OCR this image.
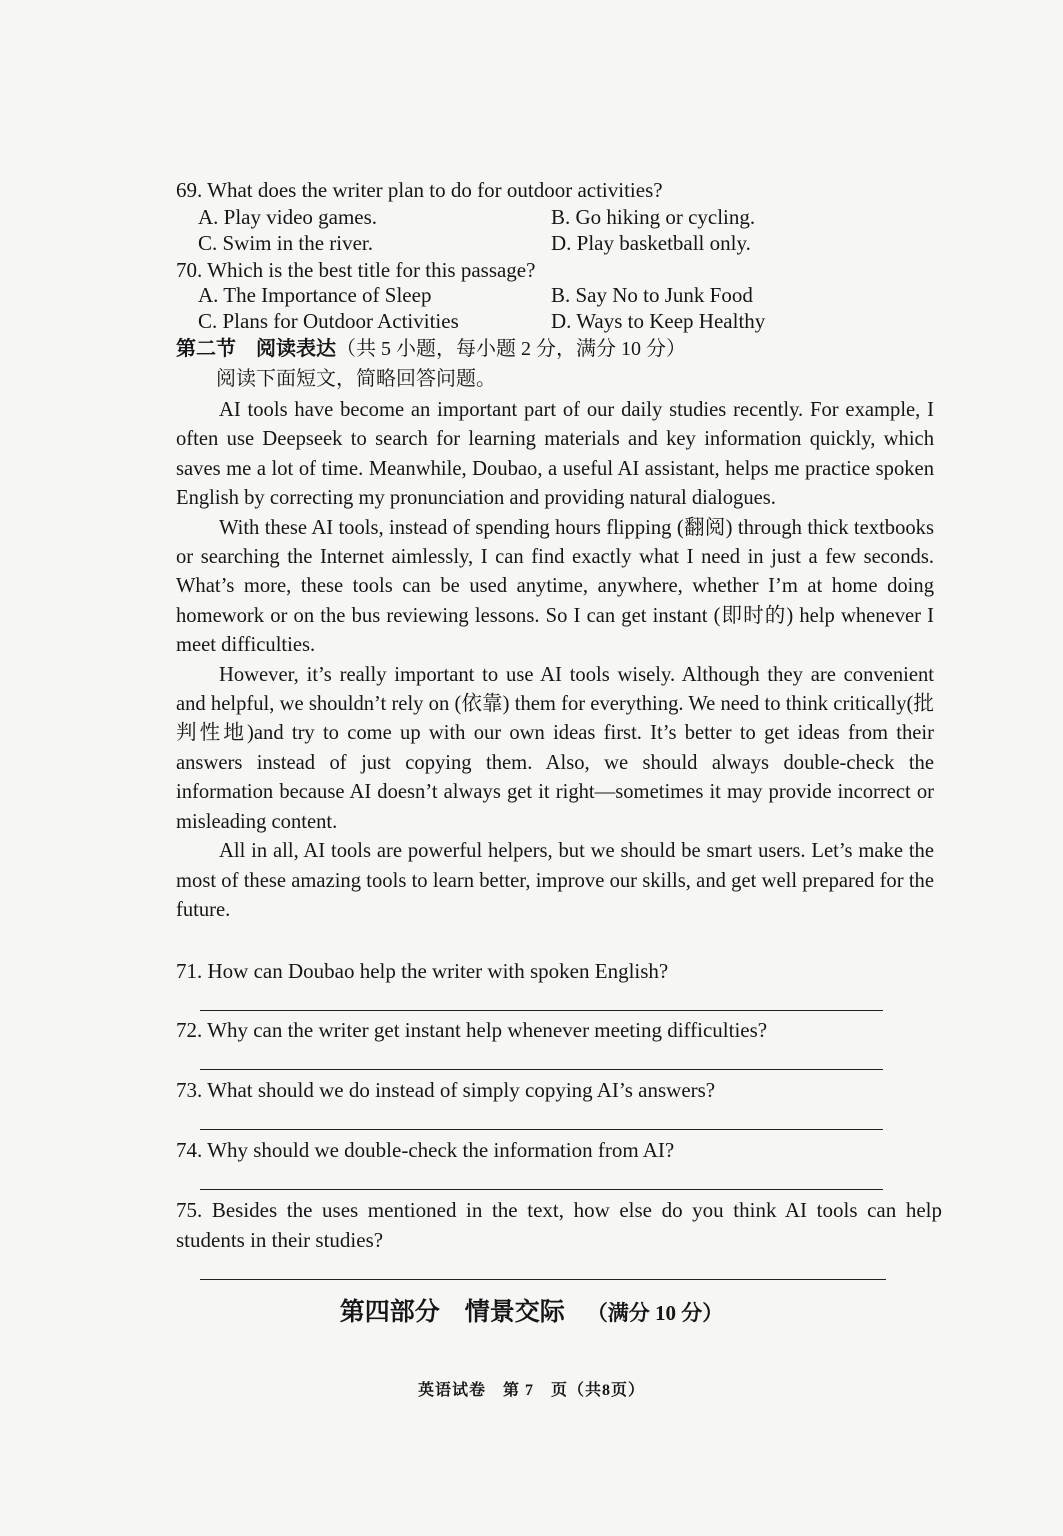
69. What does the writer plan to do for outdoor activities?
A. Play video games.	B. Go hiking or cycling.
C. Swim in the river.	D. Play basketball only.
70. Which is the best title for this passage?
A. The Importance of Sleep	B. Say No to Junk Food
C. Plans for Outdoor Activities	D. Ways to Keep Healthy
第二节　阅读表达（共 5 小题，每小题 2 分，满分 10 分）
阅读下面短文，简略回答问题。

AI tools have become an important part of our daily studies recently. For example, I often use Deepseek to search for learning materials and key information quickly, which saves me a lot of time. Meanwhile, Doubao, a useful AI assistant, helps me practice spoken English by correcting my pronunciation and providing natural dialogues.

With these AI tools, instead of spending hours flipping (翻阅) through thick textbooks or searching the Internet aimlessly, I can find exactly what I need in just a few seconds. What’s more, these tools can be used anytime, anywhere, whether I’m at home doing homework or on the bus reviewing lessons. So I can get instant (即时的) help whenever I meet difficulties.

However, it’s really important to use AI tools wisely. Although they are convenient and helpful, we shouldn’t rely on (依靠) them for everything. We need to think critically(批判性地)and try to come up with our own ideas first. It’s better to get ideas from their answers instead of just copying them. Also, we should always double-check the information because AI doesn’t always get it right—sometimes it may provide incorrect or misleading content.

All in all, AI tools are powerful helpers, but we should be smart users. Let’s make the most of these amazing tools to learn better, improve our skills, and get well prepared for the future.

71. How can Doubao help the writer with spoken English?
72. Why can the writer get instant help whenever meeting difficulties?
73. What should we do instead of simply copying AI’s answers?
74. Why should we double-check the information from AI?
75. Besides the uses mentioned in the text, how else do you think AI tools can help students in their studies?
第四部分　情景交际 （满分 10 分）
英语试卷　第 7　页（共8页）
